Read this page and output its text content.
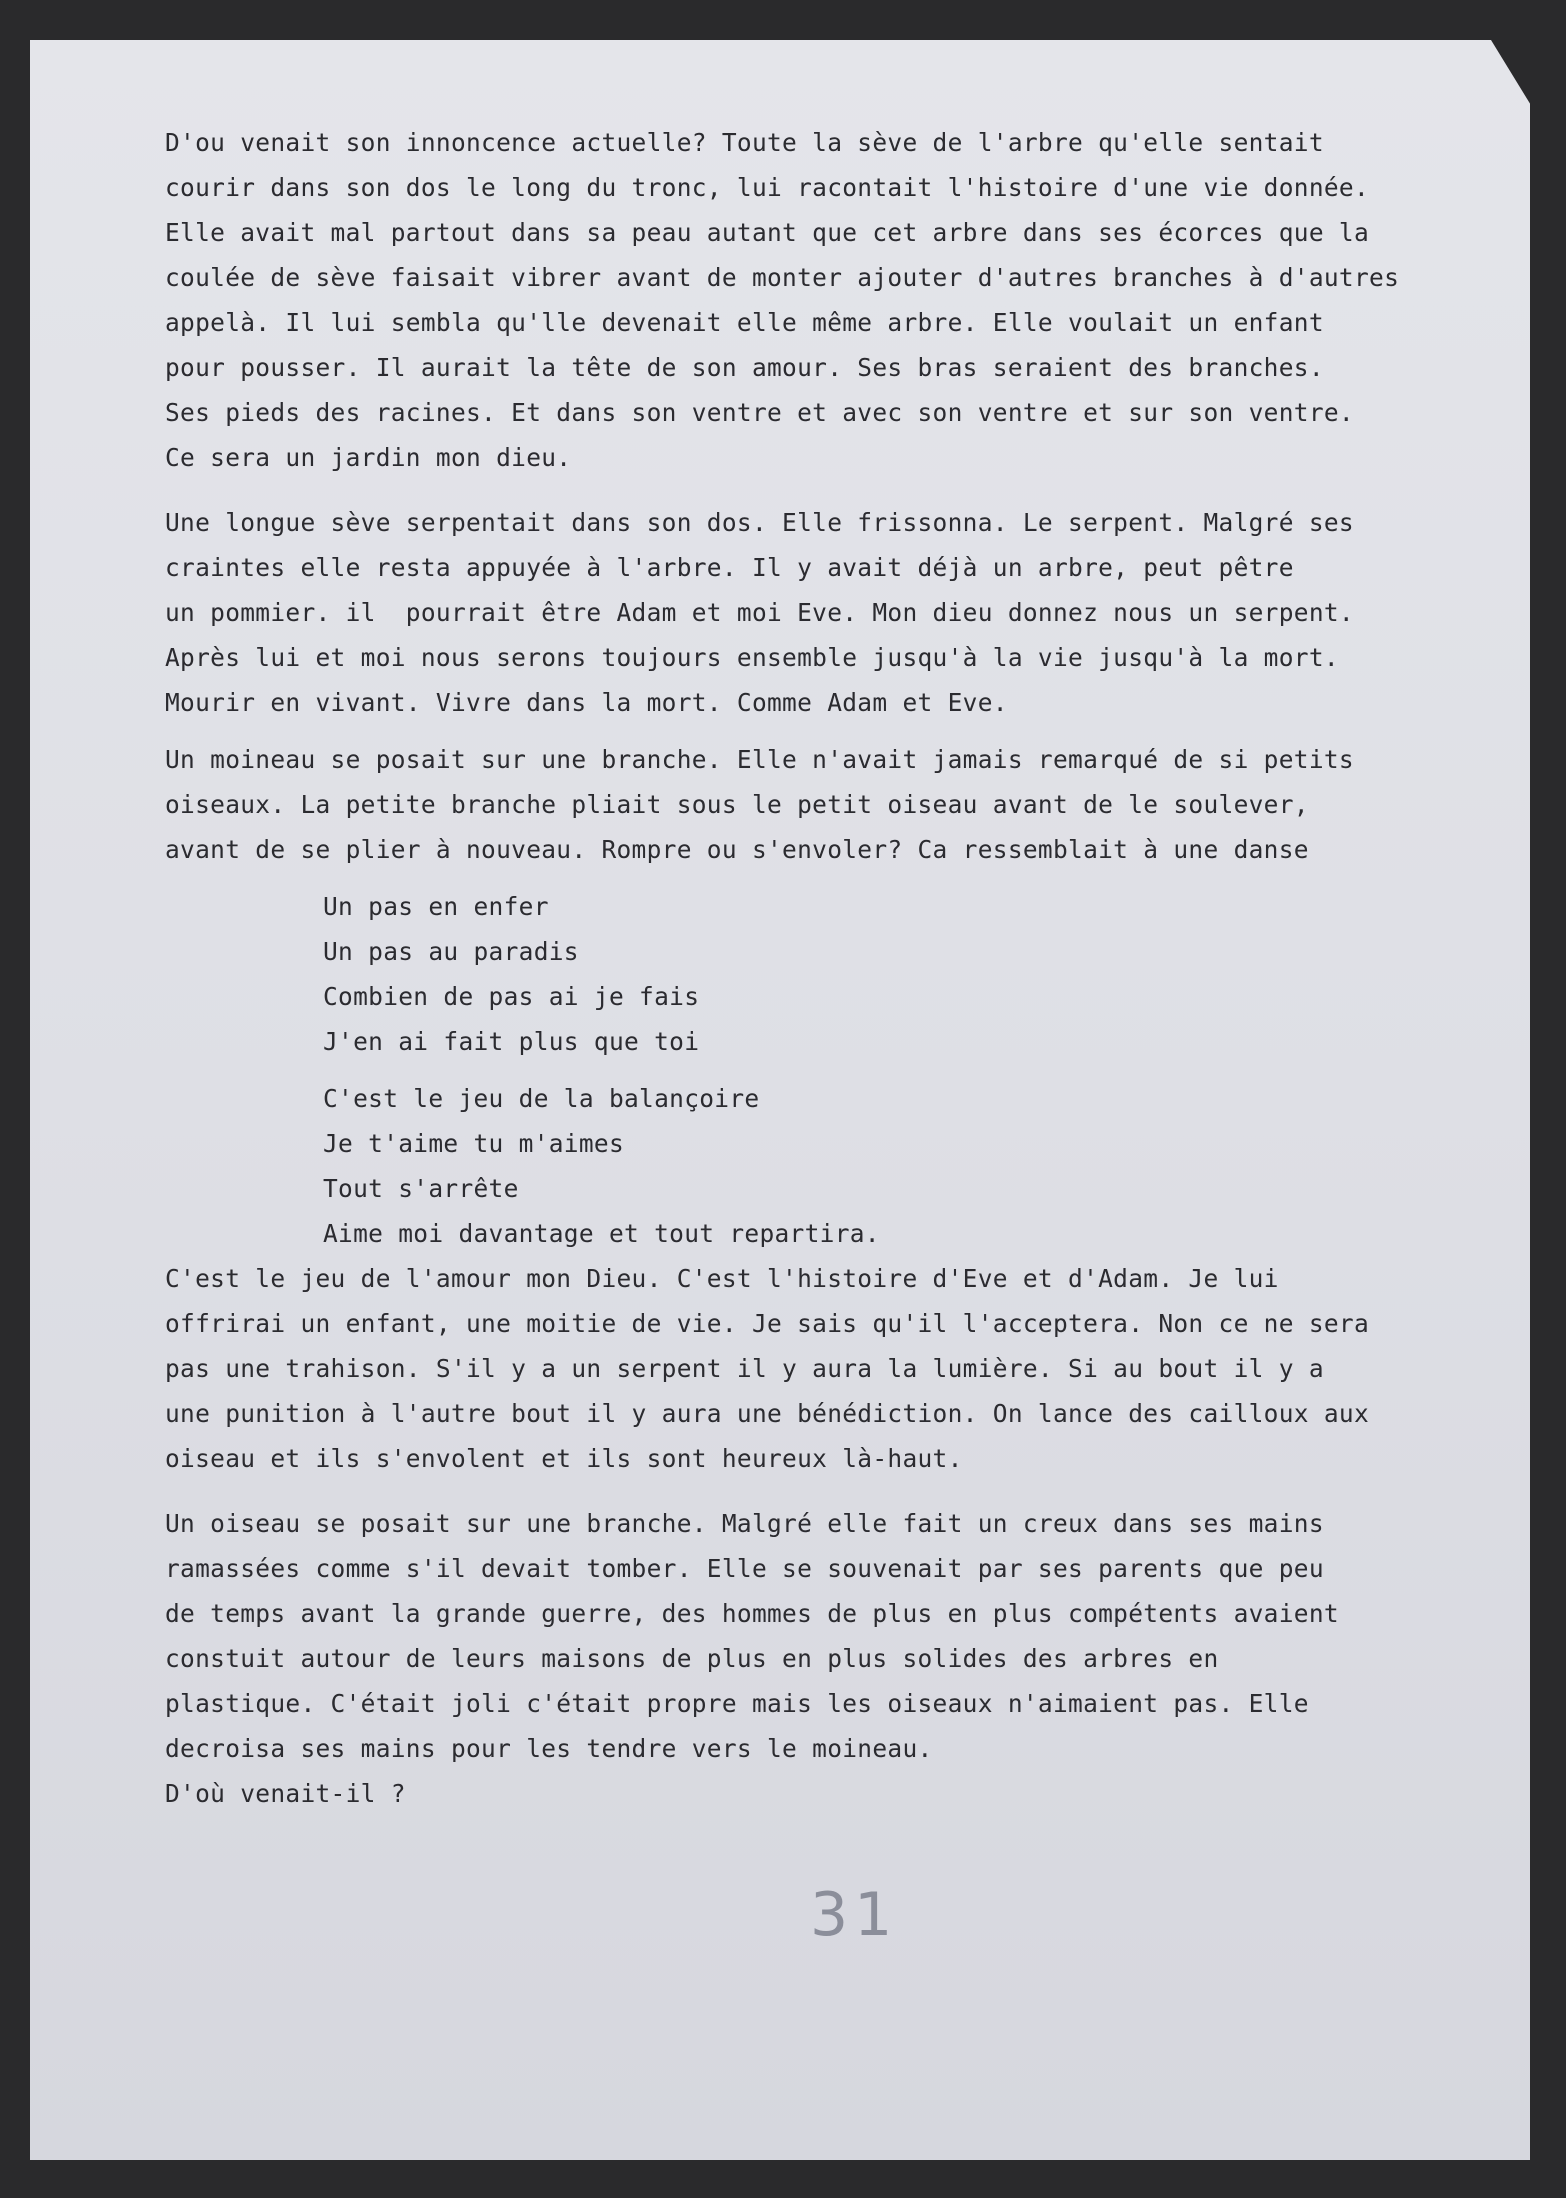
D'ou venait son innoncence actuelle? Toute la sève de l'arbre qu'elle sentait
courir dans son dos le long du tronc, lui racontait l'histoire d'une vie donnée.
Elle avait mal partout dans sa peau autant que cet arbre dans ses écorces que la
coulée de sève faisait vibrer avant de monter ajouter d'autres branches à d'autres
appelà. Il lui sembla qu'lle devenait elle même arbre. Elle voulait un enfant
pour pousser. Il aurait la tête de son amour. Ses bras seraient des branches.
Ses pieds des racines. Et dans son ventre et avec son ventre et sur son ventre.
Ce sera un jardin mon dieu.
Une longue sève serpentait dans son dos. Elle frissonna. Le serpent. Malgré ses
craintes elle resta appuyée à l'arbre. Il y avait déjà un arbre, peut pêtre
un pommier. il  pourrait être Adam et moi Eve. Mon dieu donnez nous un serpent.
Après lui et moi nous serons toujours ensemble jusqu'à la vie jusqu'à la mort.
Mourir en vivant. Vivre dans la mort. Comme Adam et Eve.
Un moineau se posait sur une branche. Elle n'avait jamais remarqué de si petits
oiseaux. La petite branche pliait sous le petit oiseau avant de le soulever,
avant de se plier à nouveau. Rompre ou s'envoler? Ca ressemblait à une danse
Un pas en enfer
Un pas au paradis
Combien de pas ai je fais
J'en ai fait plus que toi
C'est le jeu de la balançoire
Je t'aime tu m'aimes
Tout s'arrête
Aime moi davantage et tout repartira.
C'est le jeu de l'amour mon Dieu. C'est l'histoire d'Eve et d'Adam. Je lui
offrirai un enfant, une moitie de vie. Je sais qu'il l'acceptera. Non ce ne sera
pas une trahison. S'il y a un serpent il y aura la lumière. Si au bout il y a
une punition à l'autre bout il y aura une bénédiction. On lance des cailloux aux
oiseau et ils s'envolent et ils sont heureux là-haut.
Un oiseau se posait sur une branche. Malgré elle fait un creux dans ses mains
ramassées comme s'il devait tomber. Elle se souvenait par ses parents que peu
de temps avant la grande guerre, des hommes de plus en plus compétents avaient
constuit autour de leurs maisons de plus en plus solides des arbres en
plastique. C'était joli c'était propre mais les oiseaux n'aimaient pas. Elle
decroisa ses mains pour les tendre vers le moineau.
D'où venait-il ?
31
